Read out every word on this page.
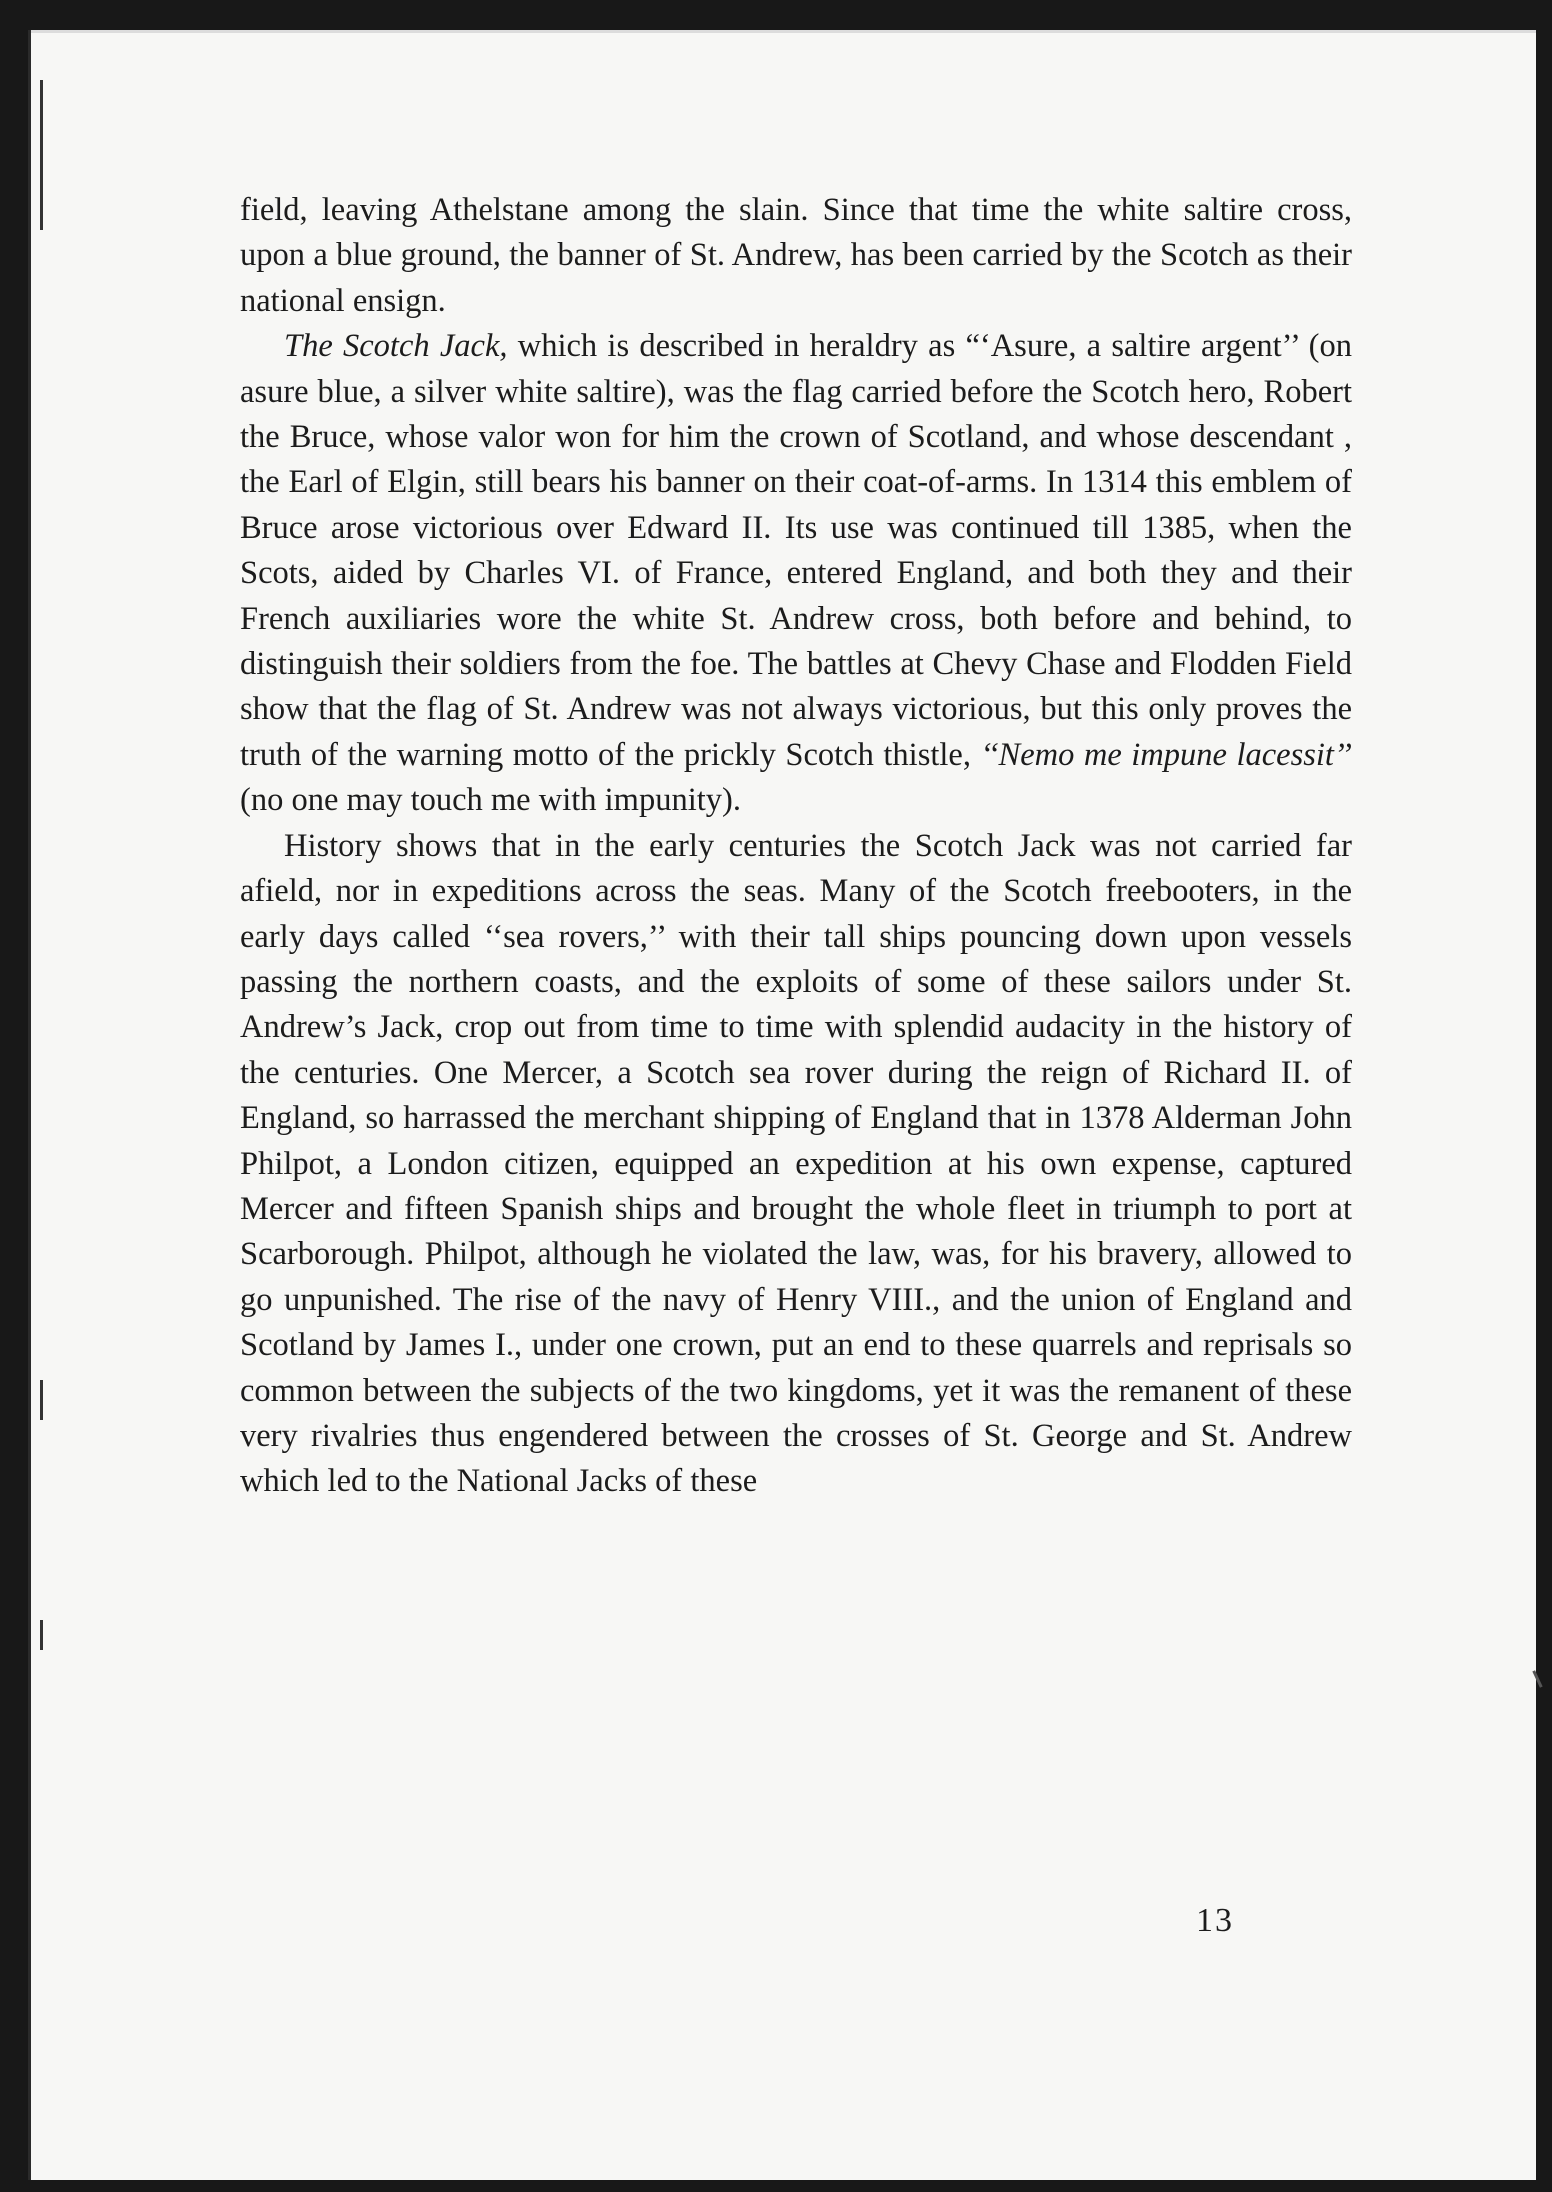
field, leaving Athelstane among the slain. Since that time the white saltire cross, upon a blue ground, the banner of St. Andrew, has been carried by the Scotch as their national ensign.

The Scotch Jack, which is described in heraldry as “‘Asure, a saltire argent’’ (on asure blue, a silver white saltire), was the flag carried before the Scotch hero, Robert the Bruce, whose valor won for him the crown of Scotland, and whose descendant , the Earl of Elgin, still bears his banner on their coat-of-arms. In 1314 this emblem of Bruce arose victorious over Edward II. Its use was continued till 1385, when the Scots, aided by Charles VI. of France, entered England, and both they and their French auxiliaries wore the white St. Andrew cross, both before and behind, to distinguish their soldiers from the foe. The battles at Chevy Chase and Flodden Field show that the flag of St. Andrew was not always victorious, but this only proves the truth of the warning motto of the prickly Scotch thistle, ‘‘Nemo me impune lacessit’’ (no one may touch me with impunity).

History shows that in the early centuries the Scotch Jack was not carried far afield, nor in expeditions across the seas. Many of the Scotch freebooters, in the early days called ‘‘sea rovers,’’ with their tall ships pouncing down upon vessels passing the northern coasts, and the exploits of some of these sailors under St. Andrew’s Jack, crop out from time to time with splendid audacity in the history of the centuries. One Mercer, a Scotch sea rover during the reign of Richard II. of England, so harrassed the merchant shipping of England that in 1378 Alderman John Philpot, a London citizen, equipped an expedition at his own expense, captured Mercer and fifteen Spanish ships and brought the whole fleet in triumph to port at Scarborough. Philpot, although he violated the law, was, for his bravery, allowed to go unpunished. The rise of the navy of Henry VIII., and the union of England and Scotland by James I., under one crown, put an end to these quarrels and reprisals so common between the subjects of the two kingdoms, yet it was the remanent of these very rivalries thus engendered between the crosses of St. George and St. Andrew which led to the National Jacks of these

13
